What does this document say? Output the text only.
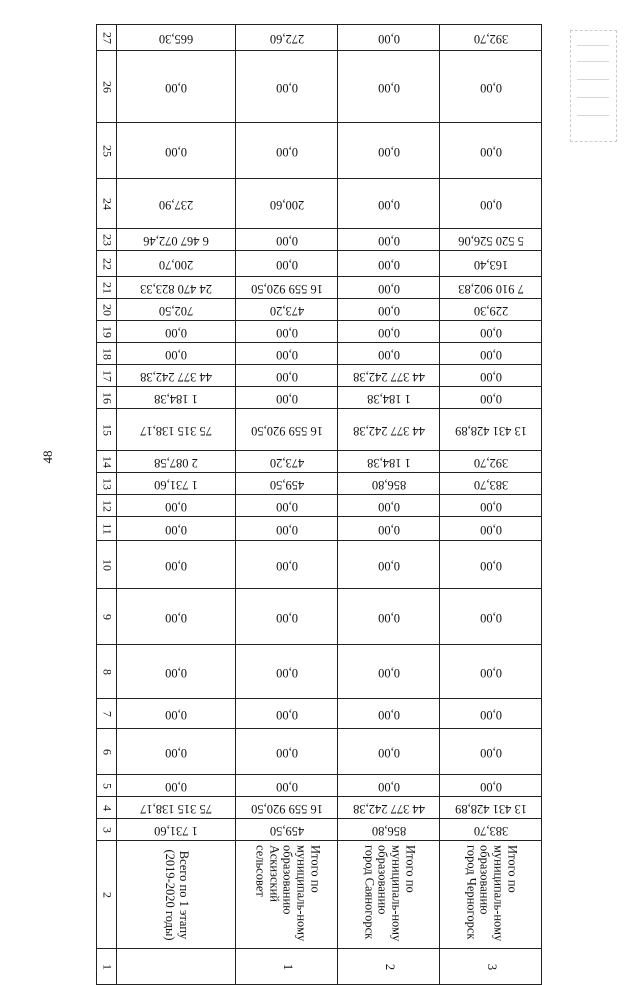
48
27	665,30	272,60	0,00	392,70

26	0,00	0,00	0,00	0,00

25	0,00	0,00	0,00	0,00

24	237,90	200,60	0,00	0,00

23	6 467 072,46	0,00	0,00	5 520 526,06

22	200,70	0,00	0,00	163,40

21	24 470 823,33	16 559 920,50	0,00	7 910 902,83

20	702,50	473,20	0,00	229,30

19	0,00	0,00	0,00	0,00

18	0,00	0,00	0,00	0,00

17	44 377 242,38	0,00	44 377 242,38	0,00

16	1 184,38	0,00	1 184,38	0,00

15	75 315 138,17	16 559 920,50	44 377 242,38	13 431 428,89

14	2 087,58	473,20	1 184,38	392,70

13	1 731,60	459,50	856,80	383,70

12	0,00	0,00	0,00	0,00

11	0,00	0,00	0,00	0,00

10	0,00	0,00	0,00	0,00

9	0,00	0,00	0,00	0,00

8	0,00	0,00	0,00	0,00

7	0,00	0,00	0,00	0,00

6	0,00	0,00	0,00	0,00

5	0,00	0,00	0,00	0,00

4	75 315 138,17	16 559 920,50	44 377 242,38	13 431 428,89

3	1 731,60	459,50	856,80	383,70

2	Всего по 1 этапу (2019-2020 годы)	Итого по муниципаль-ному образованию Аскизский сельсовет	Итого по муниципаль-ному образованию город Саяногорск	Итого по муниципаль-ному образованию город Черногорск

1		1	2	3
